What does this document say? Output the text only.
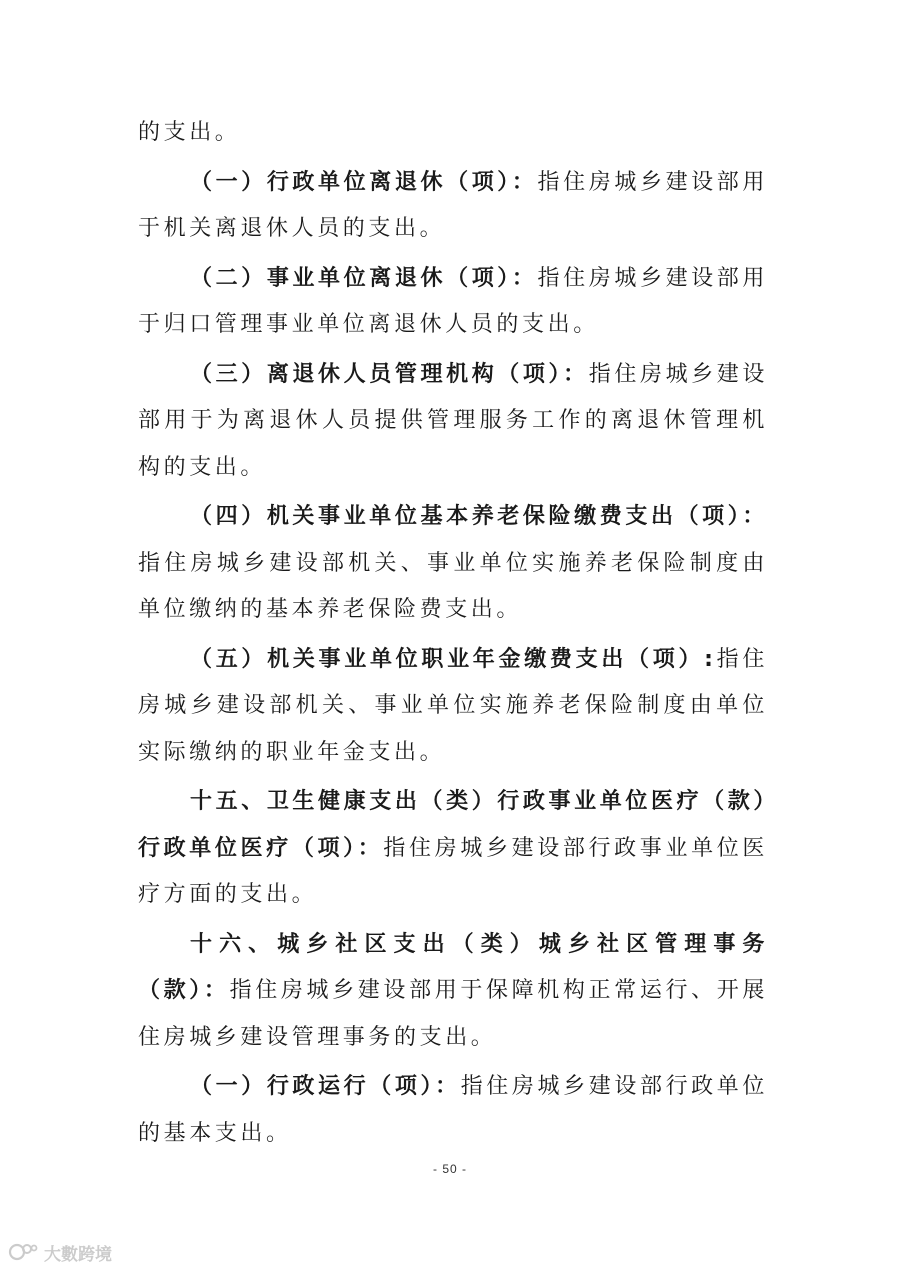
的支出。

（一）行政单位离退休（项）：指住房城乡建设部用于机关离退休人员的支出。

（二）事业单位离退休（项）：指住房城乡建设部用于归口管理事业单位离退休人员的支出。

（三）离退休人员管理机构（项）：指住房城乡建设部用于为离退休人员提供管理服务工作的离退休管理机构的支出。

（四）机关事业单位基本养老保险缴费支出（项）：指住房城乡建设部机关、事业单位实施养老保险制度由单位缴纳的基本养老保险费支出。

（五）机关事业单位职业年金缴费支出（项）:指住房城乡建设部机关、事业单位实施养老保险制度由单位实际缴纳的职业年金支出。

十五、卫生健康支出（类）行政事业单位医疗（款）行政单位医疗（项）：指住房城乡建设部行政事业单位医疗方面的支出。

十六、城乡社区支出（类）城乡社区管理事务（款）：指住房城乡建设部用于保障机构正常运行、开展住房城乡建设管理事务的支出。

（一）行政运行（项）：指住房城乡建设部行政单位的基本支出。

- 50 -
大數跨境
